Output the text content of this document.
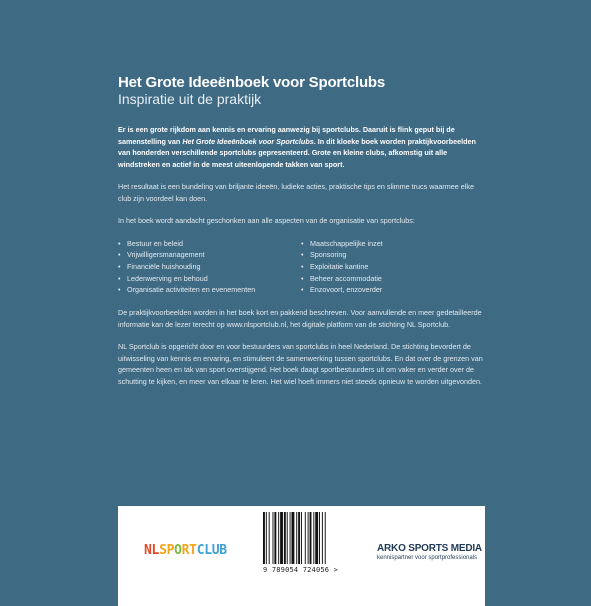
Het Grote Ideeënboek voor Sportclubs
Inspiratie uit de praktijk
Er is een grote rijkdom aan kennis en ervaring aanwezig bij sportclubs. Daaruit is flink geput bij de samenstelling van Het Grote Ideeënboek voor Sportclubs. In dit kloeke boek worden praktijkvoorbeelden van honderden verschillende sportclubs gepresenteerd. Grote en kleine clubs, afkomstig uit alle windstreken en actief in de meest uiteenlopende takken van sport.
Het resultaat is een bundeling van briljante ideeën, ludieke acties, praktische tips en slimme trucs waarmee elke club zijn voordeel kan doen.
In het boek wordt aandacht geschonken aan alle aspecten van de organisatie van sportclubs:
• Bestuur en beleid
• Vrijwilligersmanagement
• Financiële huishouding
• Ledenwerving en behoud
• Organisatie activiteiten en evenementen
• Maatschappelijke inzet
• Sponsoring
• Exploitatie kantine
• Beheer accommodatie
• Enzovoort, enzoverder
De praktijkvoorbeelden worden in het boek kort en pakkend beschreven. Voor aanvullende en meer gedetailleerde informatie kan de lezer terecht op www.nlsportclub.nl, het digitale platform van de stichting NL Sportclub.
NL Sportclub is opgericht door en voor bestuurders van sportclubs in heel Nederland. De stichting bevordert de uitwisseling van kennis en ervaring, en stimuleert de samenwerking tussen sportclubs. En dat over de grenzen van gemeenten heen en tak van sport overstijgend. Het boek daagt sportbestuurders uit om vaker en verder over de schutting te kijken, en meer van elkaar te leren. Het wiel hoeft immers niet steeds opnieuw te worden uitgevonden.
NLSPORTCLUB
9 789054 724056 >
ARKO SPORTS MEDIA
kennispartner voor sportprofessionals
